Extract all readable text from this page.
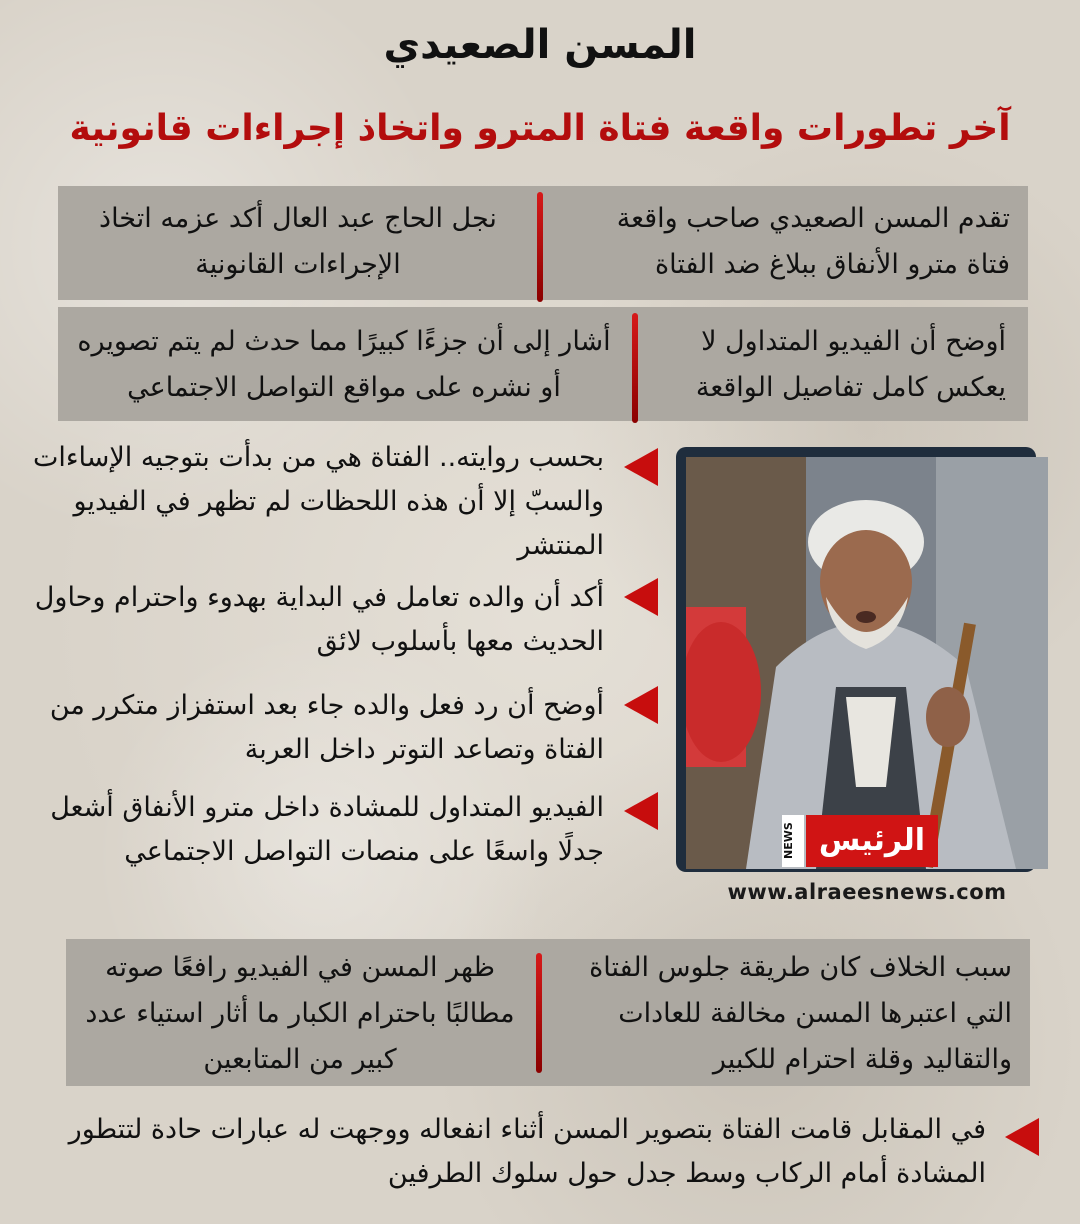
المسن الصعيدي
آخر تطورات واقعة فتاة المترو واتخاذ إجراءات قانونية
تقدم المسن الصعيدي صاحب واقعة فتاة مترو الأنفاق ببلاغ ضد الفتاة
نجل الحاج عبد العال أكد عزمه اتخاذ الإجراءات القانونية
أوضح أن الفيديو المتداول لا يعكس كامل تفاصيل الواقعة
أشار إلى أن جزءًا كبيرًا مما حدث لم يتم تصويره أو نشره على مواقع التواصل الاجتماعي
بحسب روايته.. الفتاة هي من بدأت بتوجيه الإساءات والسبّ إلا أن هذه اللحظات لم تظهر في الفيديو المنتشر
أكد أن والده تعامل في البداية بهدوء واحترام وحاول الحديث معها بأسلوب لائق
أوضح أن رد فعل والده جاء بعد استفزاز متكرر من الفتاة وتصاعد التوتر داخل العربة
الفيديو المتداول للمشادة داخل مترو الأنفاق أشعل جدلًا واسعًا على منصات التواصل الاجتماعي	NEWS الرئيس
www.alraeesnews.com
سبب الخلاف كان طريقة جلوس الفتاة التي اعتبرها المسن مخالفة للعادات والتقاليد وقلة احترام للكبير
ظهر المسن في الفيديو رافعًا صوته مطالبًا باحترام الكبار ما أثار استياء عدد كبير من المتابعين
في المقابل قامت الفتاة بتصوير المسن أثناء انفعاله ووجهت له عبارات حادة لتتطور المشادة أمام الركاب وسط جدل حول سلوك الطرفين
